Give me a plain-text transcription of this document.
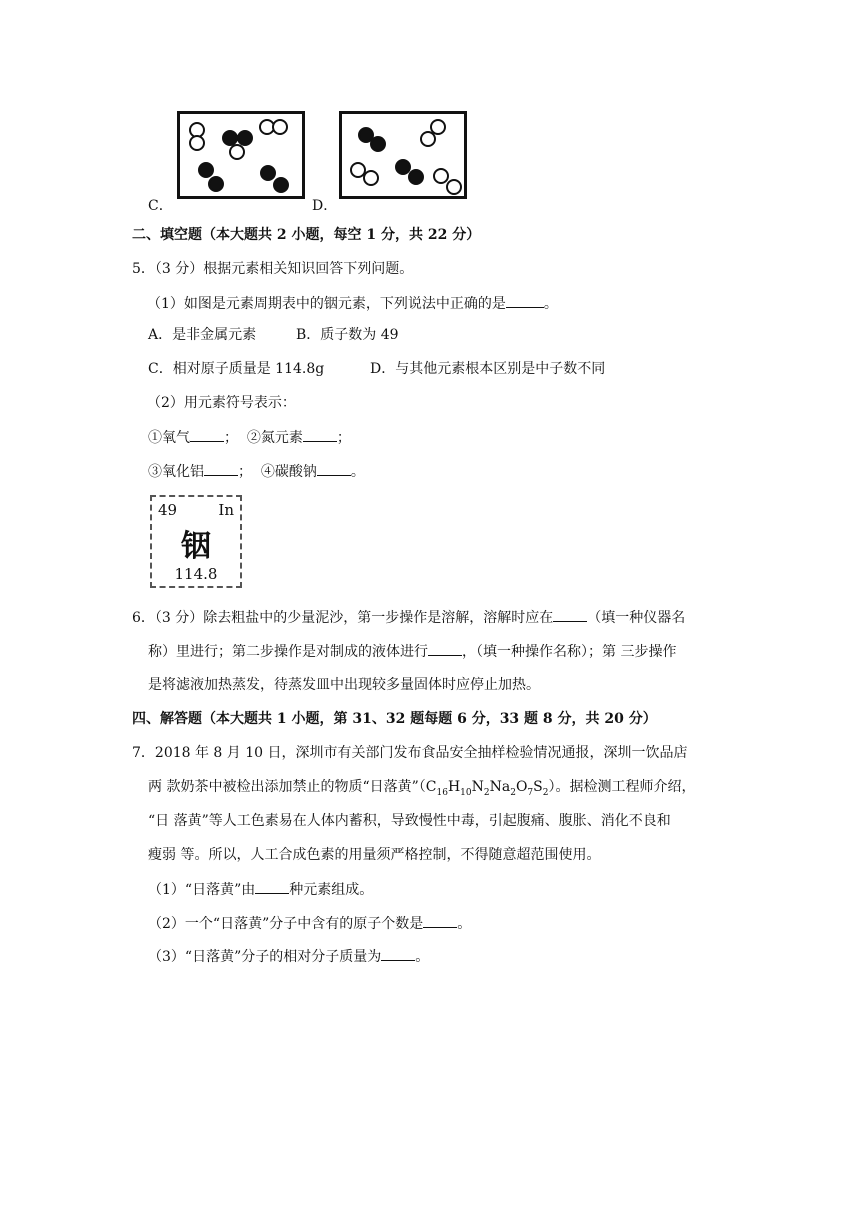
C．	D．
二、填空题（本大题共 2 小题，每空 1 分，共 22 分）
5．（3 分）根据元素相关知识回答下列问题。
（1）如图是元素周期表中的铟元素，下列说法中正确的是	。
A．是非金属元素	B．质子数为 49
C．相对原子质量是 114.8g	D．与其他元素根本区别是中子数不同
（2）用元素符号表示：
①氧气 ； ②氮元素 ；
③氧化铝 ； ④碳酸钠 。
49	In
铟
114.8
6．（3 分）除去粗盐中的少量泥沙，第一步操作是溶解，溶解时应在 （填一种仪器名
称）里进行；第二步操作是对制成的液体进行 ，（填一种操作名称）；第 三步操作
是将滤液加热蒸发，待蒸发皿中出现较多量固体时应停止加热。
四、解答题（本大题共 1 小题，第 31、32 题每题 6 分，33 题 8 分，共 20 分）
7．2018 年 8 月 10 日，深圳市有关部门发布食品安全抽样检验情况通报，深圳一饮品店
两 款奶茶中被检出添加禁止的物质“日落黄$”(C_{16}H_{10}N_2Na_2O_7S_2)$。据检测工程师介绍，
“日 落黄”等人工色素易在人体内蓄积，导致慢性中毒，引起腹痛、腹胀、消化不良和
瘦弱 等。所以，人工合成色素的用量须严格控制，不得随意超范围使用。
（1）“日落黄”由 种元素组成。
（2）一个“日落黄”分子中含有的原子个数是 。
（3）“日落黄”分子的相对分子质量为 。
